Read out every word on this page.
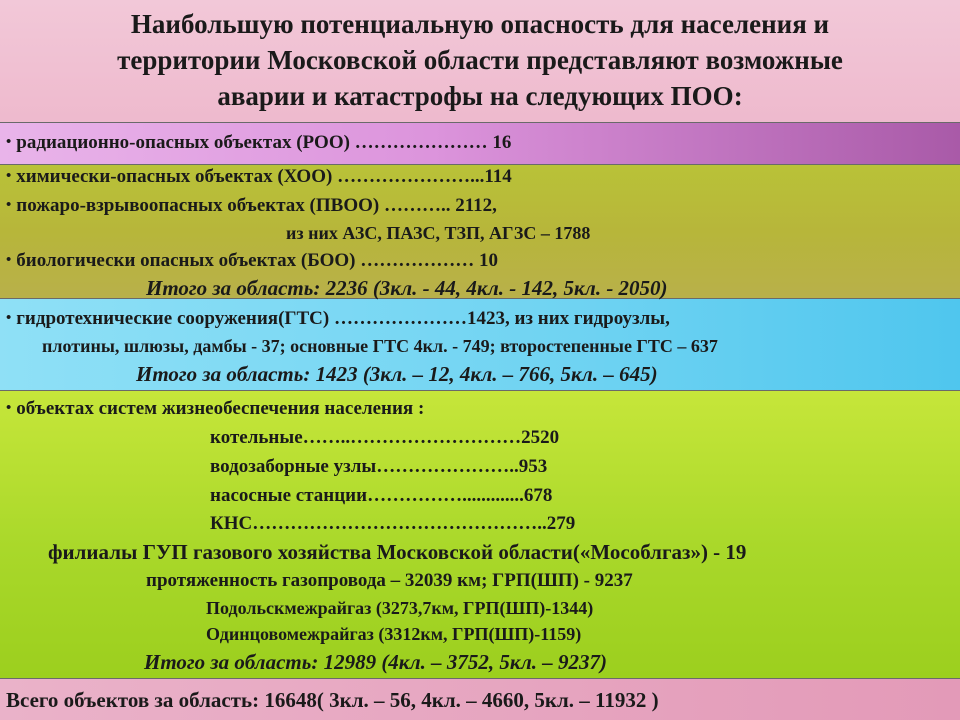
Наибольшую потенциальную опасность для населения и
территории Московской области представляют возможные
аварии и катастрофы на следующих ПОО:
• радиационно-опасных объектах (РОО) ………………… 16
• химически-опасных объектах (ХОО) …………………...114
• пожаро-взрывоопасных объектах (ПВОО) ……….. 2112,
из них АЗС, ПАЗС, ТЗП, АГЗС – 1788
• биологически опасных объектах (БОО) ……………… 10
Итого за область: 2236 (3кл. - 44, 4кл. - 142, 5кл. - 2050)
• гидротехнические сооружения(ГТС) …………………1423, из них гидроузлы,
плотины, шлюзы, дамбы - 37; основные ГТС 4кл. - 749; второстепенные ГТС – 637
Итого за область: 1423 (3кл. – 12, 4кл. – 766, 5кл. – 645)
• объектах систем жизнеобеспечения населения :
котельные……..………………………2520
водозаборные узлы…………………..953
насосные станции…………….............678
КНС………………………………………..279
филиалы ГУП газового хозяйства Московской области(«Мособлгаз») - 19
протяженность газопровода – 32039 км; ГРП(ШП) - 9237
Подольскмежрайгаз (3273,7км, ГРП(ШП)-1344)
Одинцовомежрайгаз (3312км, ГРП(ШП)-1159)
Итого за область: 12989 (4кл. – 3752, 5кл. – 9237)
Всего объектов за область: 16648( 3кл. – 56, 4кл. – 4660, 5кл. – 11932 )
